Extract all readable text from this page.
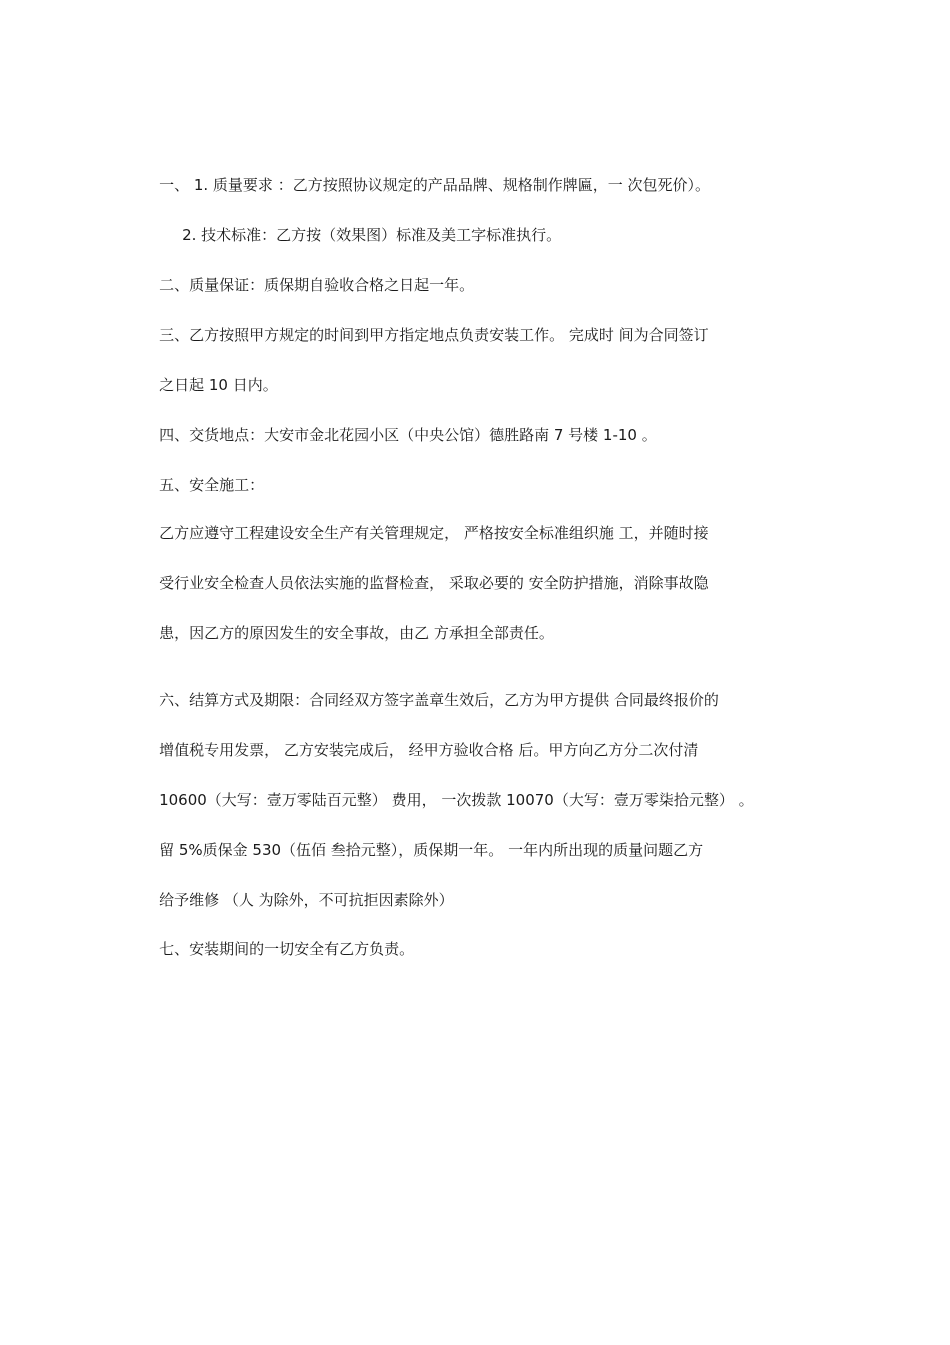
一、 1. 质量要求 ：乙方按照协议规定的产品品牌、规格制作牌匾，一 次包死价）。

2. 技术标准：乙方按（效果图）标准及美工字标准执行。

二、质量保证：质保期自验收合格之日起一年。

三、乙方按照甲方规定的时间到甲方指定地点负责安装工作。 完成时 间为合同签订

之日起 10 日内。

四、交货地点：大安市金北花园小区（中央公馆）德胜路南 7 号楼 1-10 。

五、安全施工：

乙方应遵守工程建设安全生产有关管理规定， 严格按安全标准组织施 工，并随时接

受行业安全检查人员依法实施的监督检查， 采取必要的 安全防护措施，消除事故隐

患，因乙方的原因发生的安全事故，由乙 方承担全部责任。

六、结算方式及期限：合同经双方签字盖章生效后，乙方为甲方提供 合同最终报价的

增值税专用发票， 乙方安装完成后， 经甲方验收合格 后。甲方向乙方分二次付清

10600（大写：壹万零陆百元整） 费用， 一次拨款 10070（大写：壹万零柒拾元整） 。

留 5%质保金 530（伍佰 叁拾元整），质保期一年。 一年内所出现的质量问题乙方

给予维修 （人 为除外，不可抗拒因素除外）

七、安装期间的一切安全有乙方负责。
